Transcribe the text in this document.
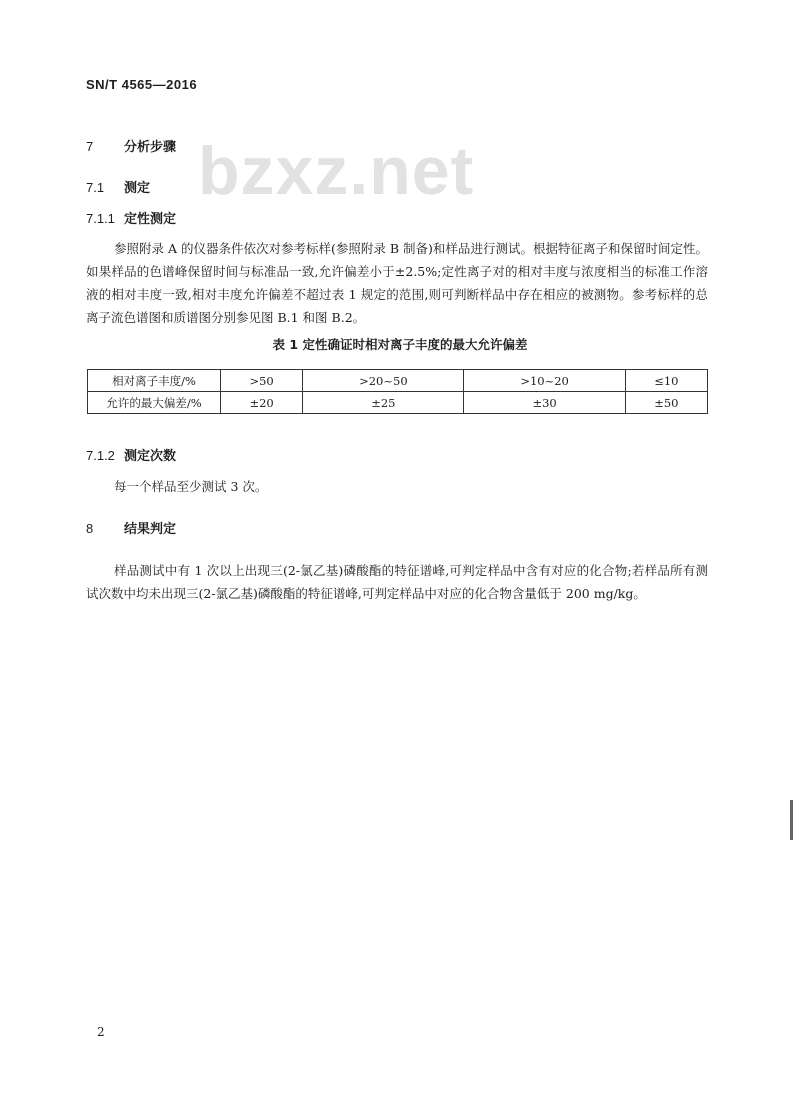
SN/T 4565—2016
bzxz.net
7 分析步骤
7.1 测定
7.1.1 定性测定
参照附录 A 的仪器条件依次对参考标样(参照附录 B 制备)和样品进行测试。根据特征离子和保留时间定性。如果样品的色谱峰保留时间与标准品一致,允许偏差小于±2.5%;定性离子对的相对丰度与浓度相当的标准工作溶液的相对丰度一致,相对丰度允许偏差不超过表 1 规定的范围,则可判断样品中存在相应的被测物。参考标样的总离子流色谱图和质谱图分别参见图 B.1 和图 B.2。
表 1 定性确证时相对离子丰度的最大允许偏差
相对离子丰度/%	>50	>20~50	>10~20	≤10
允许的最大偏差/%	±20	±25	±30	±50
7.1.2 测定次数
每一个样品至少测试 3 次。
8 结果判定
样品测试中有 1 次以上出现三(2-氯乙基)磷酸酯的特征谱峰,可判定样品中含有对应的化合物;若样品所有测试次数中均未出现三(2-氯乙基)磷酸酯的特征谱峰,可判定样品中对应的化合物含量低于 200 mg/kg。
2
